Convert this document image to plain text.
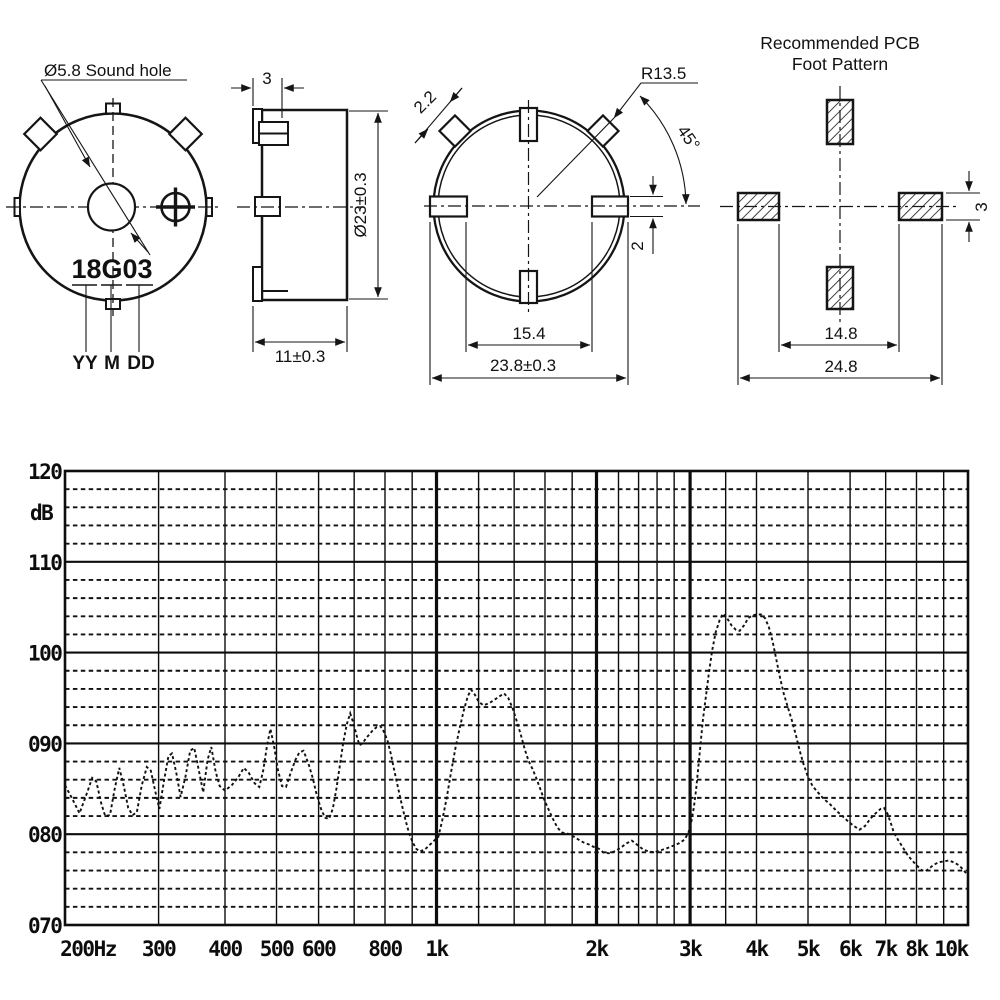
Ø5.8 Sound hole
18G03
YY M DD
3
Ø23±0.3
11±0.3
R13.5
45°
2.2
2
15.4
23.8±0.3
Recommended PCB
Foot Pattern
3
14.8
24.8
120
110
100
090
080
070
200Hz 300 400 500 600 800 1k	2k	3k 4k 5k 6k 7k 8k 10k
dB
